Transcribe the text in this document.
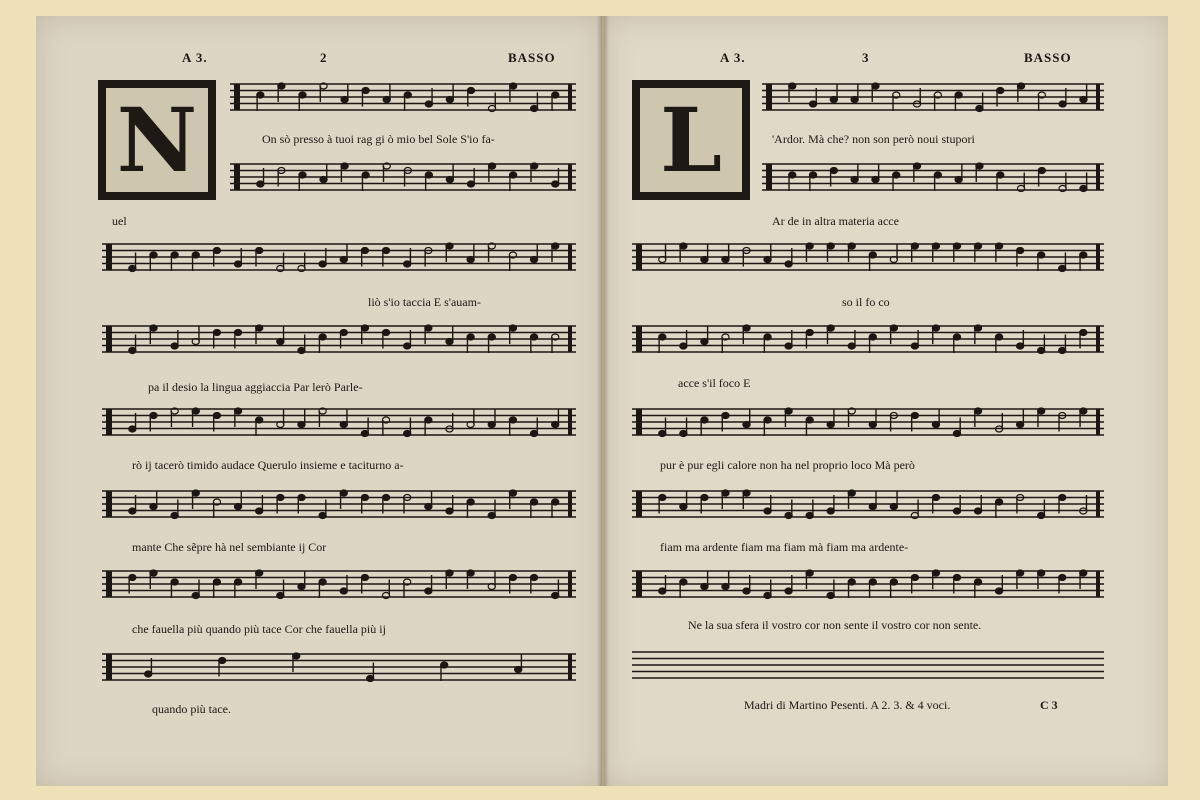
A 3.	2	BASSO
N	On sò presso à tuoi rag gi ò mio bel Sole S'io fa-
uel
liò s'io taccia E s'auam-
pa il desio la lingua aggiaccia Par lerò Parle-
rò ij tacerò timido audace Querulo insieme e taciturno a-
mante Che sẽpre hà nel sembiante ij Cor
che fauella più quando più tace Cor che fauella più ij
quando più tace.
A 3.	3	BASSO
L	'Ardor. Mà che? non son però noui stupori
Ar de in altra materia acce
so il fo co
acce s'il foco E
pur è pur egli calore non ha nel proprio loco Mà però
fiam ma ardente fiam ma fiam mà fiam ma ardente-
Ne la sua sfera il vostro cor non sente il vostro cor non sente.
Madri di Martino Pesenti. A 2. 3. & 4 voci.	C 3
